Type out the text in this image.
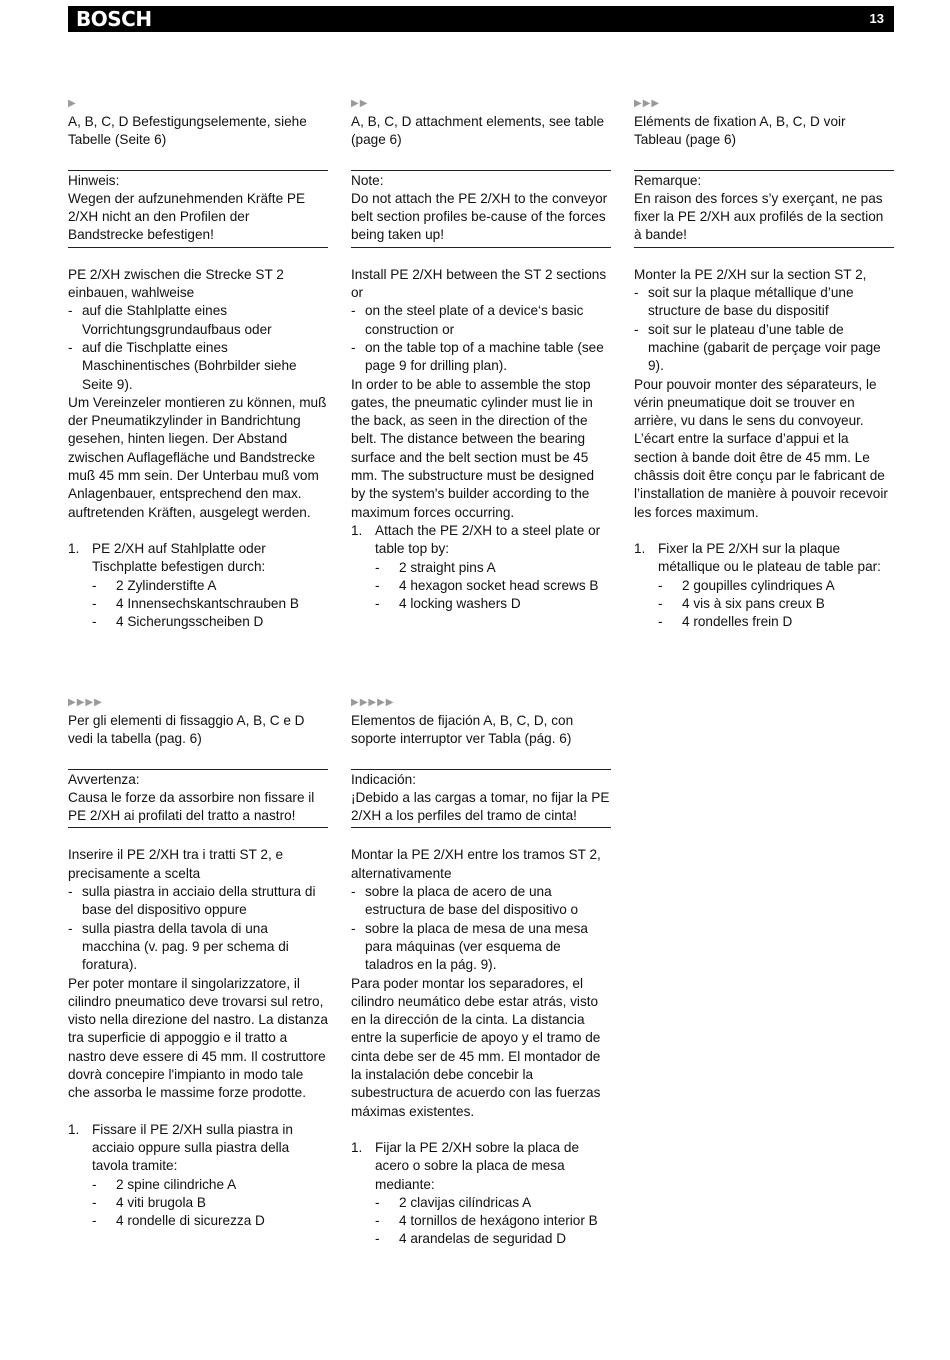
BOSCH	13
▶

A, B, C, D Befestigungselemente, siehe Tabelle (Seite 6)

Hinweis:

Wegen der aufzunehmenden Kräfte PE 2/XH nicht an den Profilen der Bandstrecke befestigen!

PE 2/XH zwischen die Strecke ST 2 einbauen, wahlweise

- auf die Stahlplatte eines Vorrichtungsgrundaufbaus oder
- auf die Tischplatte eines Maschinentisches (Bohrbilder siehe Seite 9).

Um Vereinzeler montieren zu können, muß der Pneumatikzylinder in Bandrichtung gesehen, hinten liegen. Der Abstand zwischen Auflagefläche und Bandstrecke muß 45 mm sein. Der Unterbau muß vom Anlagenbauer, entsprechend den max. auftretenden Kräften, ausgelegt werden.

1. PE 2/XH auf Stahlplatte oder Tischplatte befestigen durch:
- 2 Zylinderstifte A
- 4 Innensechskantschrauben B
- 4 Sicherungsscheiben D
▶▶

A, B, C, D attachment elements, see table (page 6)

Note:

Do not attach the PE 2/XH to the conveyor belt section profiles be-cause of the forces being taken up!

Install PE 2/XH between the ST 2 sections or

- on the steel plate of a device‘s basic construction or
- on the table top of a machine table (see page 9 for drilling plan).

In order to be able to assemble the stop gates, the pneumatic cylinder must lie in the back, as seen in the direction of the belt. The distance between the bearing surface and the belt section must be 45 mm. The substructure must be designed by the system's builder according to the maximum forces occurring.

1. Attach the PE 2/XH to a steel plate or table top by:
- 2 straight pins A
- 4 hexagon socket head screws B
- 4 locking washers D
▶▶▶

Eléments de fixation A, B, C, D voir Tableau (page 6)

Remarque:

En raison des forces s’y exerçant, ne pas fixer la PE 2/XH aux profilés de la section à bande!

Monter la PE 2/XH sur la section ST 2,

- soit sur la plaque métallique d’une structure de base du dispositif
- soit sur le plateau d’une table de machine (gabarit de perçage voir page 9).

Pour pouvoir monter des séparateurs, le vérin pneumatique doit se trouver en arrière, vu dans le sens du convoyeur. L’écart entre la surface d’appui et la section à bande doit être de 45 mm. Le châssis doit être conçu par le fabricant de l’installation de manière à pouvoir recevoir les forces maximum.

1. Fixer la PE 2/XH sur la plaque métallique ou le plateau de table par:
- 2 goupilles cylindriques A
- 4 vis à six pans creux B
- 4 rondelles frein D
▶▶▶▶

Per gli elementi di fissaggio A, B, C e D vedi la tabella (pag. 6)

Avvertenza:

Causa le forze da assorbire non fissare il PE 2/XH ai profilati del tratto a nastro!

Inserire il PE 2/XH tra i tratti ST 2, e precisamente a scelta

- sulla piastra in acciaio della struttura di base del dispositivo oppure
- sulla piastra della tavola di una macchina (v. pag. 9 per schema di foratura).

Per poter montare il singolarizzatore, il cilindro pneumatico deve trovarsi sul retro, visto nella direzione del nastro. La distanza tra superficie di appoggio e il tratto a nastro deve essere di 45 mm. Il costruttore dovrà concepire l'impianto in modo tale che assorba le massime forze prodotte.

1. Fissare il PE 2/XH sulla piastra in acciaio oppure sulla piastra della tavola tramite:
- 2 spine cilindriche A
- 4 viti brugola B
- 4 rondelle di sicurezza D
▶▶▶▶▶

Elementos de fijación A, B, C, D, con soporte interruptor ver Tabla (pág. 6)

Indicación:

¡Debido a las cargas a tomar, no fijar la PE 2/XH a los perfiles del tramo de cinta!

Montar la PE 2/XH entre los tramos ST 2, alternativamente

- sobre la placa de acero de una estructura de base del dispositivo o
- sobre la placa de mesa de una mesa para máquinas (ver esquema de taladros en la pág. 9).

Para poder montar los separadores, el cilindro neumático debe estar atrás, visto en la dirección de la cinta. La distancia entre la superficie de apoyo y el tramo de cinta debe ser de 45 mm. El montador de la instalación debe concebir la subestructura de acuerdo con las fuerzas máximas existentes.

1. Fijar la PE 2/XH sobre la placa de acero o sobre la placa de mesa mediante:
- 2 clavijas cilíndricas A
- 4 tornillos de hexágono interior B
- 4 arandelas de seguridad D
